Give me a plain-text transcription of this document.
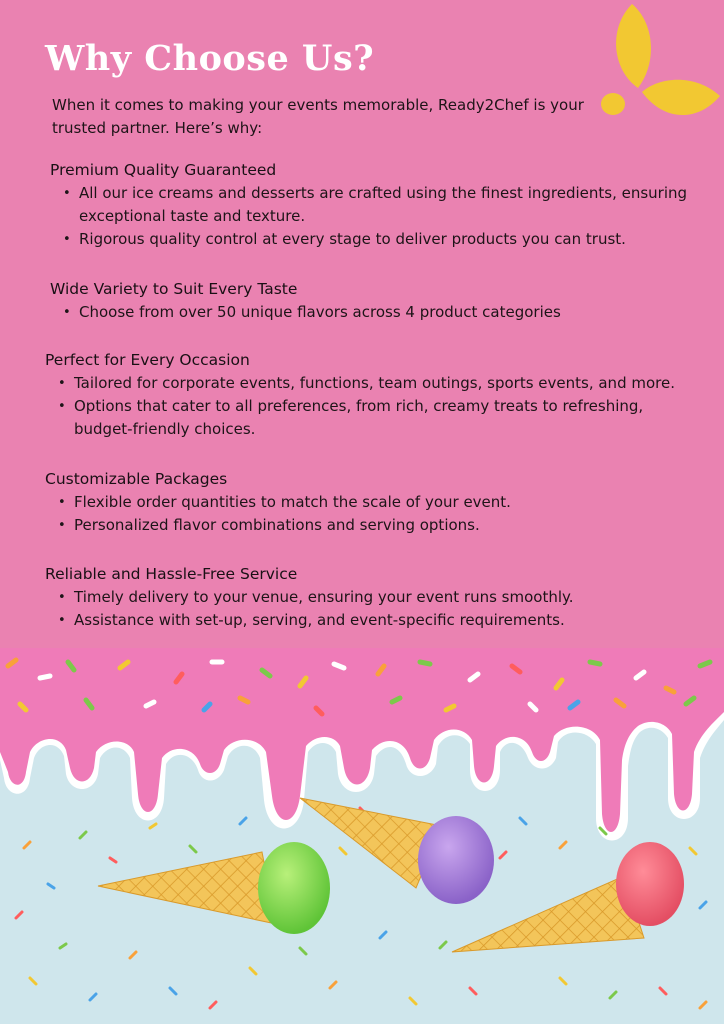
Why Choose Us?

When it comes to making your events memorable, Ready2Chef is your trusted partner. Here’s why:

Premium Quality Guaranteed
• All our ice creams and desserts are crafted using the finest ingredients, ensuring exceptional taste and texture.
• Rigorous quality control at every stage to deliver products you can trust.
Wide Variety to Suit Every Taste
• Choose from over 50 unique flavors across 4 product categories
Perfect for Every Occasion
• Tailored for corporate events, functions, team outings, sports events, and more.
• Options that cater to all preferences, from rich, creamy treats to refreshing, budget-friendly choices.
Customizable Packages
• Flexible order quantities to match the scale of your event.
• Personalized flavor combinations and serving options.
Reliable and Hassle-Free Service
• Timely delivery to your venue, ensuring your event runs smoothly.
• Assistance with set-up, serving, and event-specific requirements.
